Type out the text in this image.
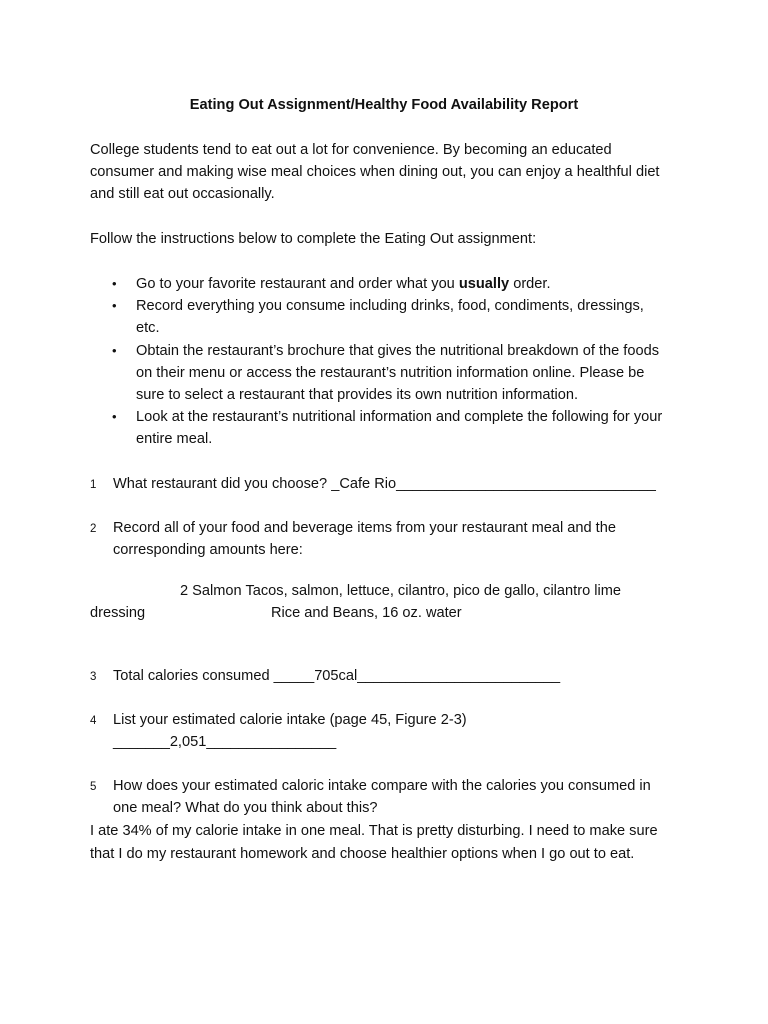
Eating Out Assignment/Healthy Food Availability Report
College students tend to eat out a lot for convenience. By becoming an educated
consumer and making wise meal choices when dining out, you can enjoy a healthful diet
and still eat out occasionally.
Follow the instructions below to complete the Eating Out assignment:
• Go to your favorite restaurant and order what you usually order.
• Record everything you consume including drinks, food, condiments, dressings,
etc.
• Obtain the restaurant’s brochure that gives the nutritional breakdown of the foods
on their menu or access the restaurant’s nutrition information online. Please be
sure to select a restaurant that provides its own nutrition information.
• Look at the restaurant’s nutritional information and complete the following for your
entire meal.
1 What restaurant did you choose? _Cafe Rio________________________________
2 Record all of your food and beverage items from your restaurant meal and the
corresponding amounts here:
2 Salmon Tacos, salmon, lettuce, cilantro, pico de gallo, cilantro lime
dressing	Rice and Beans, 16 oz. water
3 Total calories consumed _____705cal_________________________
4 List your estimated calorie intake (page 45, Figure 2-3)
_______2,051________________
5 How does your estimated caloric intake compare with the calories you consumed in
one meal? What do you think about this?
I ate 34% of my calorie intake in one meal. That is pretty disturbing. I need to make sure
that I do my restaurant homework and choose healthier options when I go out to eat.
